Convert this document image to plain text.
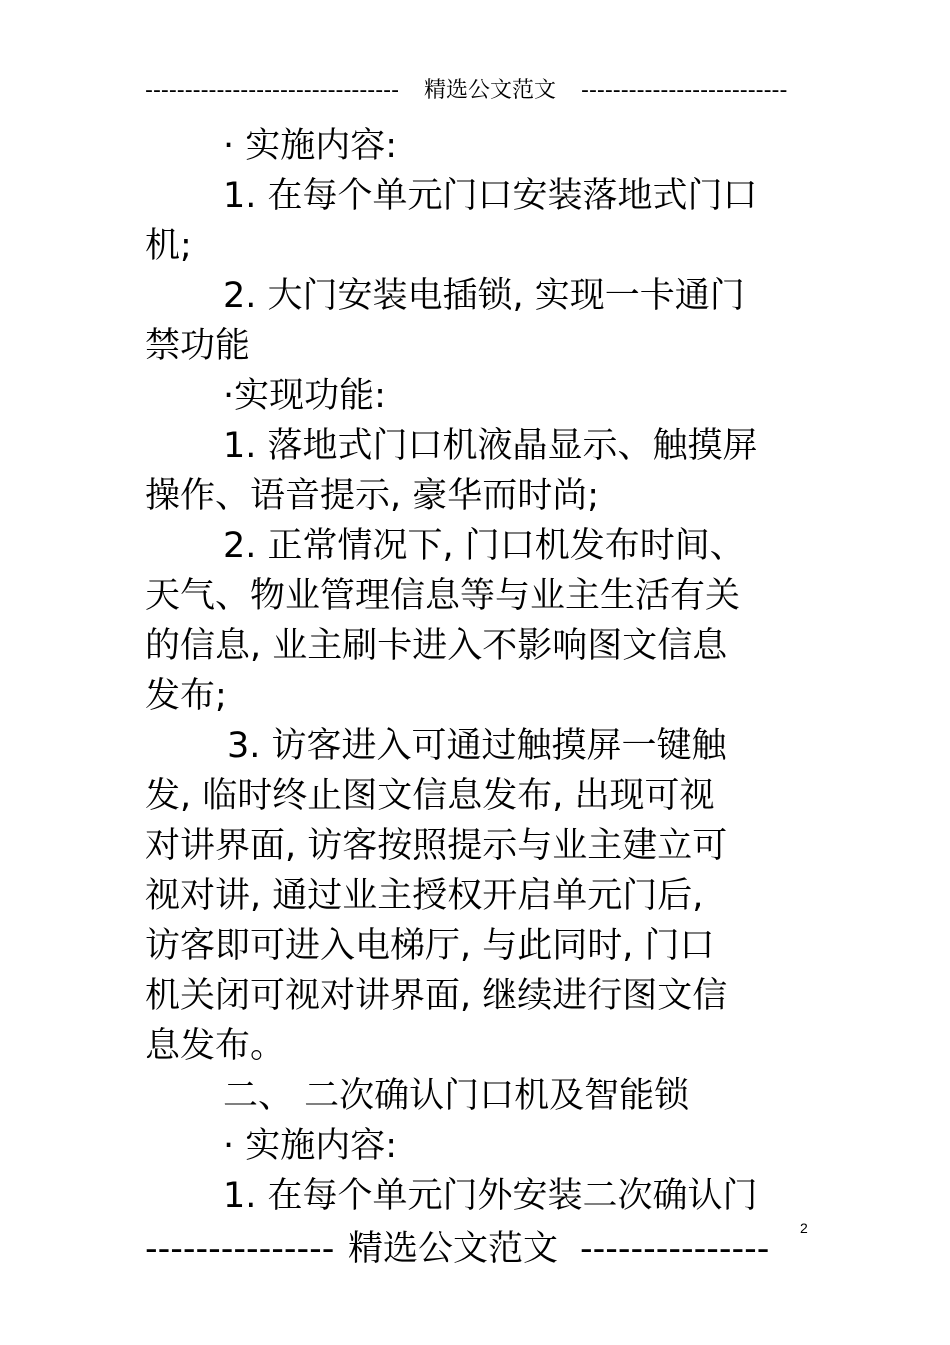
-------------------------------- 精选公文范文 --------------------------
· 实施内容:
1. 在每个单元门口安装落地式门口
机;
2. 大门安装电插锁, 实现一卡通门
禁功能
·实现功能:
1. 落地式门口机液晶显示、触摸屏
操作、语音提示, 豪华而时尚;
2. 正常情况下, 门口机发布时间、
天气、物业管理信息等与业主生活有关
的信息, 业主刷卡进入不影响图文信息
发布;
3. 访客进入可通过触摸屏一键触
发, 临时终止图文信息发布, 出现可视
对讲界面, 访客按照提示与业主建立可
视对讲, 通过业主授权开启单元门后,
访客即可进入电梯厅, 与此同时, 门口
机关闭可视对讲界面, 继续进行图文信
息发布。
二、 二次确认门口机及智能锁
· 实施内容:
1. 在每个单元门外安装二次确认门
2
--------------- 精选公文范文 ---------------
